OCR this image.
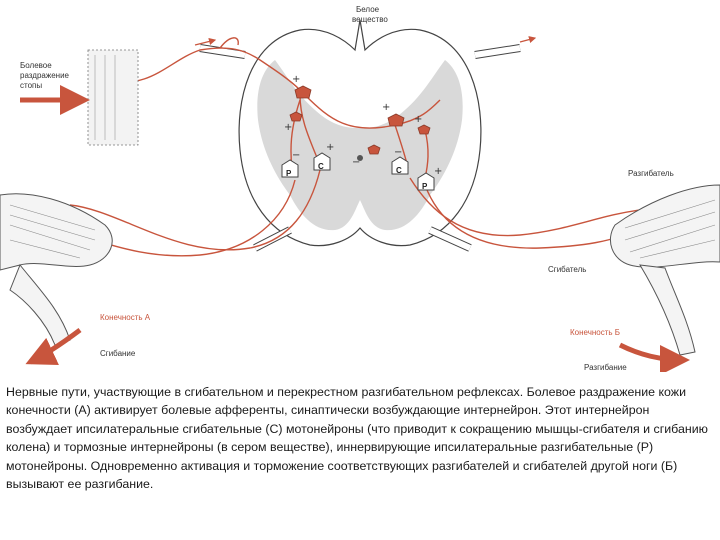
P
C	C
P
+
+
+
−
−
+
+
+
−
Белое
вещество
Болевое
раздражение
стопы
Разгибатель
Сгибатель
Конечность А
Конечность Б
Сгибание
Разгибание

Нервные пути, участвующие в сгибательном и перекрестном разгибательном рефлексах. Болевое раздражение кожи конечности (А) активирует болевые афференты, синаптически возбуждающие интернейрон. Этот интернейрон возбуждает ипсилатеральные сгибательные (С) мотонейроны (что приводит к сокращению мышцы-сгибателя и сгибанию колена) и тормозные интернейроны (в сером веществе), иннервирующие ипсилатеральные разгибательные (Р) мотонейроны. Одновременно активация и торможение соответствующих разгибателей и сгибателей другой ноги (Б) вызывают ее разгибание.
